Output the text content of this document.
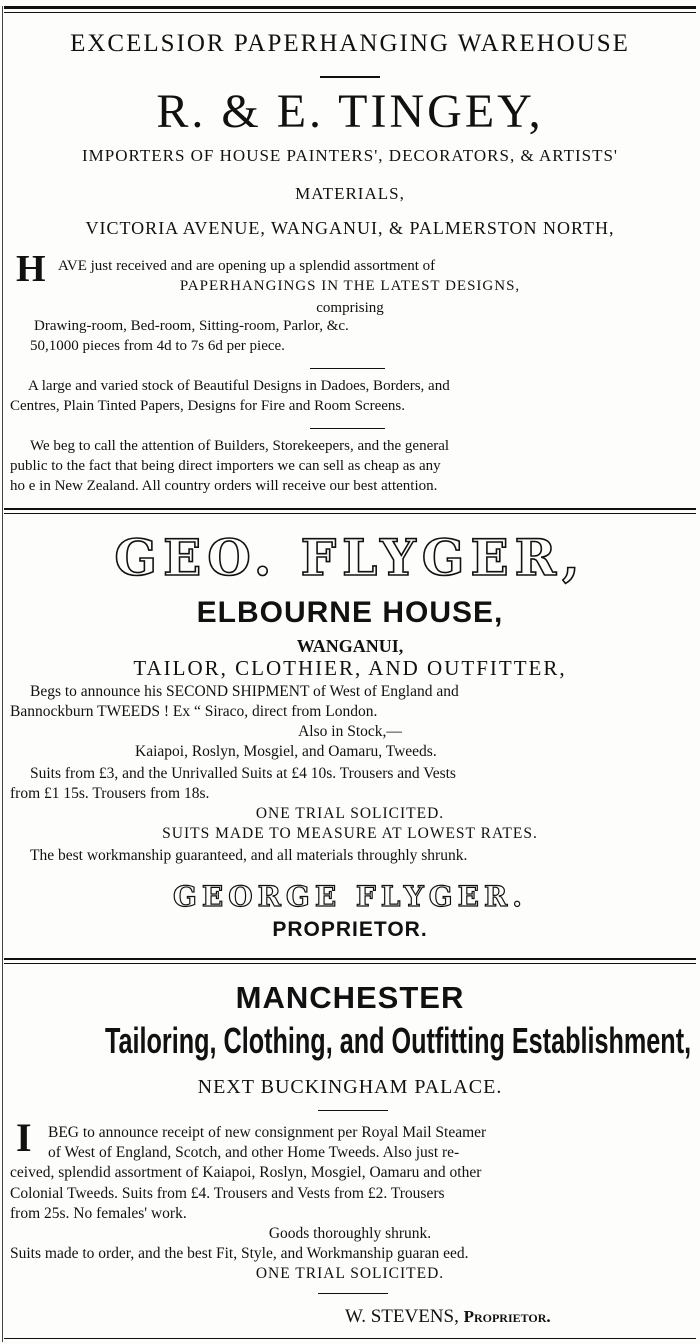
EXCELSIOR PAPERHANGING WAREHOUSE
R. & E. TINGEY,
IMPORTERS OF HOUSE PAINTERS', DECORATORS, & ARTISTS'
MATERIALS,
VICTORIA AVENUE, WANGANUI, & PALMERSTON NORTH,
H AVE just received and are opening up a splendid assortment of
PAPERHANGINGS IN THE LATEST DESIGNS,
comprising
Drawing-room, Bed-room, Sitting-room, Parlor, &c.
50,1000 pieces from 4d to 7s 6d per piece.
A large and varied stock of Beautiful Designs in Dadoes, Borders, and
Centres, Plain Tinted Papers, Designs for Fire and Room Screens.
We beg to call the attention of Builders, Storekeepers, and the general
public to the fact that being direct importers we can sell as cheap as any
ho e in New Zealand. All country orders will receive our best attention.
GEO. FLYGER,
ELBOURNE HOUSE,
WANGANUI,
TAILOR, CLOTHIER, AND OUTFITTER,
Begs to announce his SECOND SHIPMENT of West of England and
Bannockburn TWEEDS ! Ex “ Siraco, direct from London.
Also in Stock,—
Kaiapoi, Roslyn, Mosgiel, and Oamaru, Tweeds.
Suits from £3, and the Unrivalled Suits at £4 10s. Trousers and Vests
from £1 15s. Trousers from 18s.
ONE TRIAL SOLICITED.
SUITS MADE TO MEASURE AT LOWEST RATES.
The best workmanship guaranteed, and all materials throughly shrunk.
GEORGE FLYGER.
PROPRIETOR.
MANCHESTER
Tailoring, Clothing, and Outfitting Establishment,
NEXT BUCKINGHAM PALACE.
I BEG to announce receipt of new consignment per Royal Mail Steamer
of West of England, Scotch, and other Home Tweeds. Also just re-
ceived, splendid assortment of Kaiapoi, Roslyn, Mosgiel, Oamaru and other
Colonial Tweeds. Suits from £4. Trousers and Vests from £2. Trousers
from 25s. No females' work.
Goods thoroughly shrunk.
Suits made to order, and the best Fit, Style, and Workmanship guaran eed.
ONE TRIAL SOLICITED.
W. STEVENS, Proprietor.
